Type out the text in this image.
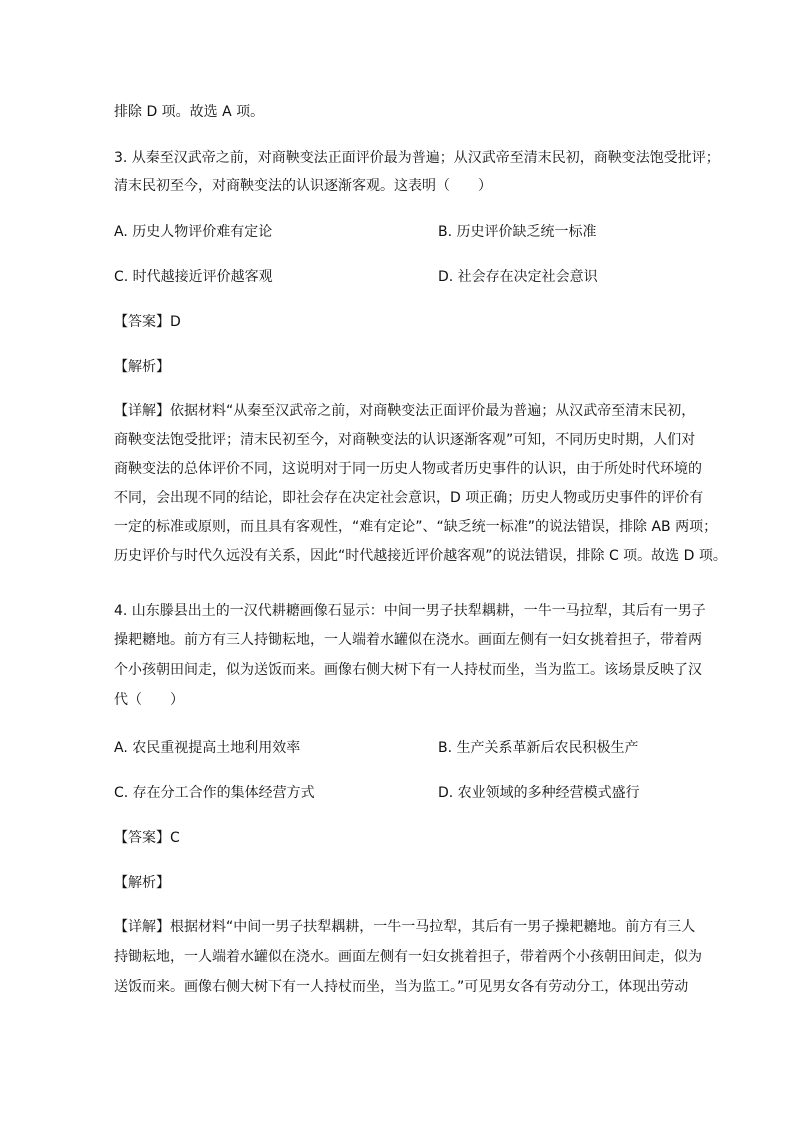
排除 D 项。故选 A 项。
3. 从秦至汉武帝之前，对商鞅变法正面评价最为普遍；从汉武帝至清末民初，商鞅变法饱受批评；
清末民初至今，对商鞅变法的认识逐渐客观。这表明（　　）
A. 历史人物评价难有定论	B. 历史评价缺乏统一标准
C. 时代越接近评价越客观	D. 社会存在决定社会意识
【答案】D
【解析】
【详解】依据材料“从秦至汉武帝之前，对商鞅变法正面评价最为普遍；从汉武帝至清末民初，
商鞅变法饱受批评；清末民初至今，对商鞅变法的认识逐渐客观”可知，不同历史时期，人们对
商鞅变法的总体评价不同，这说明对于同一历史人物或者历史事件的认识，由于所处时代环境的
不同，会出现不同的结论，即社会存在决定社会意识，D 项正确；历史人物或历史事件的评价有
一定的标准或原则，而且具有客观性，“难有定论”、“缺乏统一标准”的说法错误，排除 AB 两项；
历史评价与时代久远没有关系，因此“时代越接近评价越客观”的说法错误，排除 C 项。故选 D 项。
4. 山东滕县出土的一汉代耕耱画像石显示：中间一男子扶犁耦耕，一牛一马拉犁，其后有一男子
操耙耱地。前方有三人持锄耘地，一人端着水罐似在浇水。画面左侧有一妇女挑着担子，带着两
个小孩朝田间走，似为送饭而来。画像右侧大树下有一人持杖而坐，当为监工。该场景反映了汉
代（　　）
A. 农民重视提高土地利用效率	B. 生产关系革新后农民积极生产
C. 存在分工合作的集体经营方式	D. 农业领域的多种经营模式盛行
【答案】C
【解析】
【详解】根据材料“中间一男子扶犁耦耕，一牛一马拉犁，其后有一男子操耙耱地。前方有三人
持锄耘地，一人端着水罐似在浇水。画面左侧有一妇女挑着担子，带着两个小孩朝田间走，似为
送饭而来。画像右侧大树下有一人持杖而坐，当为监工。”可见男女各有劳动分工，体现出劳动
